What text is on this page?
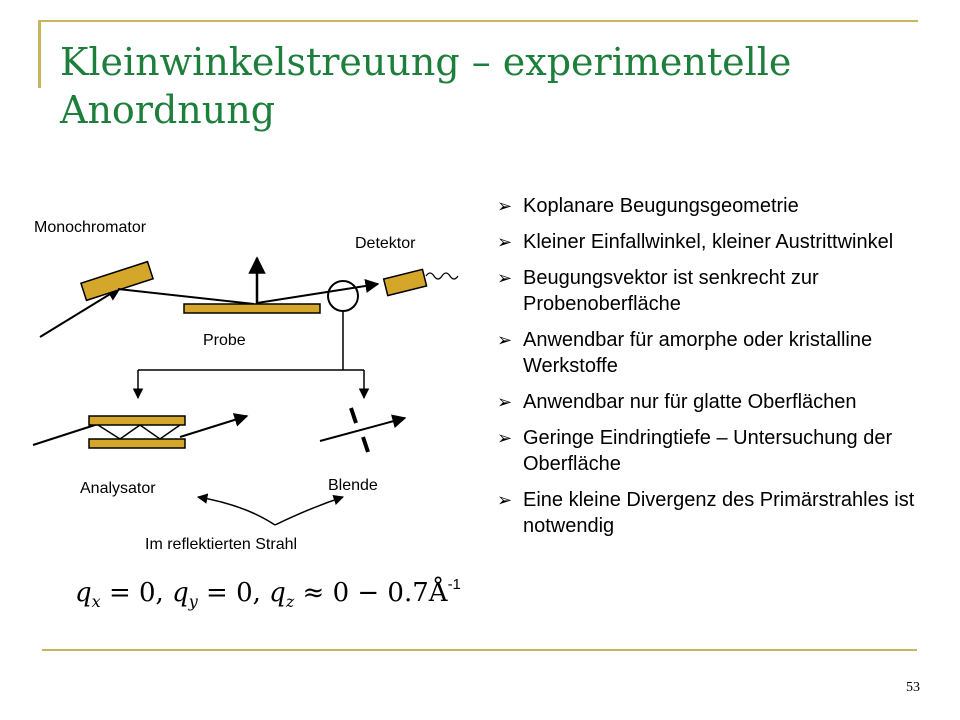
Kleinwinkelstreuung – experimentelle Anordnung
Monochromator
Detektor
Probe
Analysator	Blende
Im reflektierten Strahl
$q_x = 0$, $q_y = 0$, $q_z \approx 0$ − $0.7Å^{-1}$
➢ Koplanare Beugungsgeometrie
➢ Kleiner Einfallwinkel, kleiner Austrittwinkel
➢ Beugungsvektor ist senkrecht zur Probenoberfläche
➢ Anwendbar für amorphe oder kristalline Werkstoffe
➢ Anwendbar nur für glatte Oberflächen
➢ Geringe Eindringtiefe – Untersuchung der Oberfläche
➢ Eine kleine Divergenz des Primärstrahles ist notwendig
53
